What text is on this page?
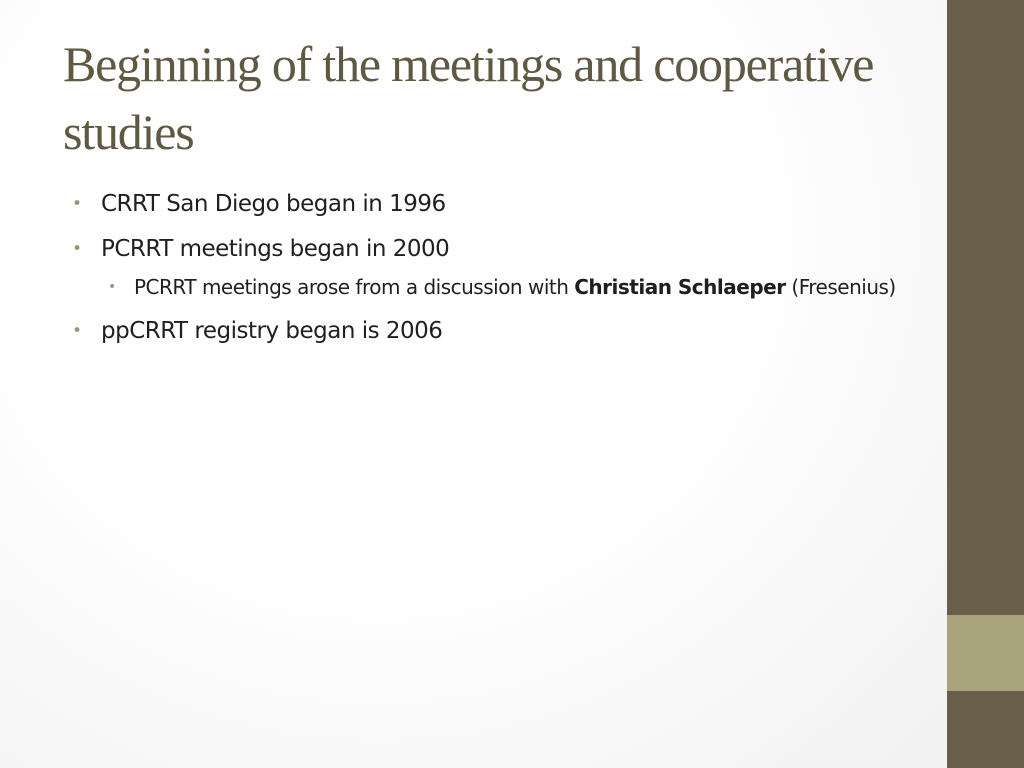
Beginning of the meetings and cooperative studies
• CRRT San Diego began in 1996
• PCRRT meetings began in 2000
• PCRRT meetings arose from a discussion with Christian Schlaeper (Fresenius)
• ppCRRT registry began is 2006
